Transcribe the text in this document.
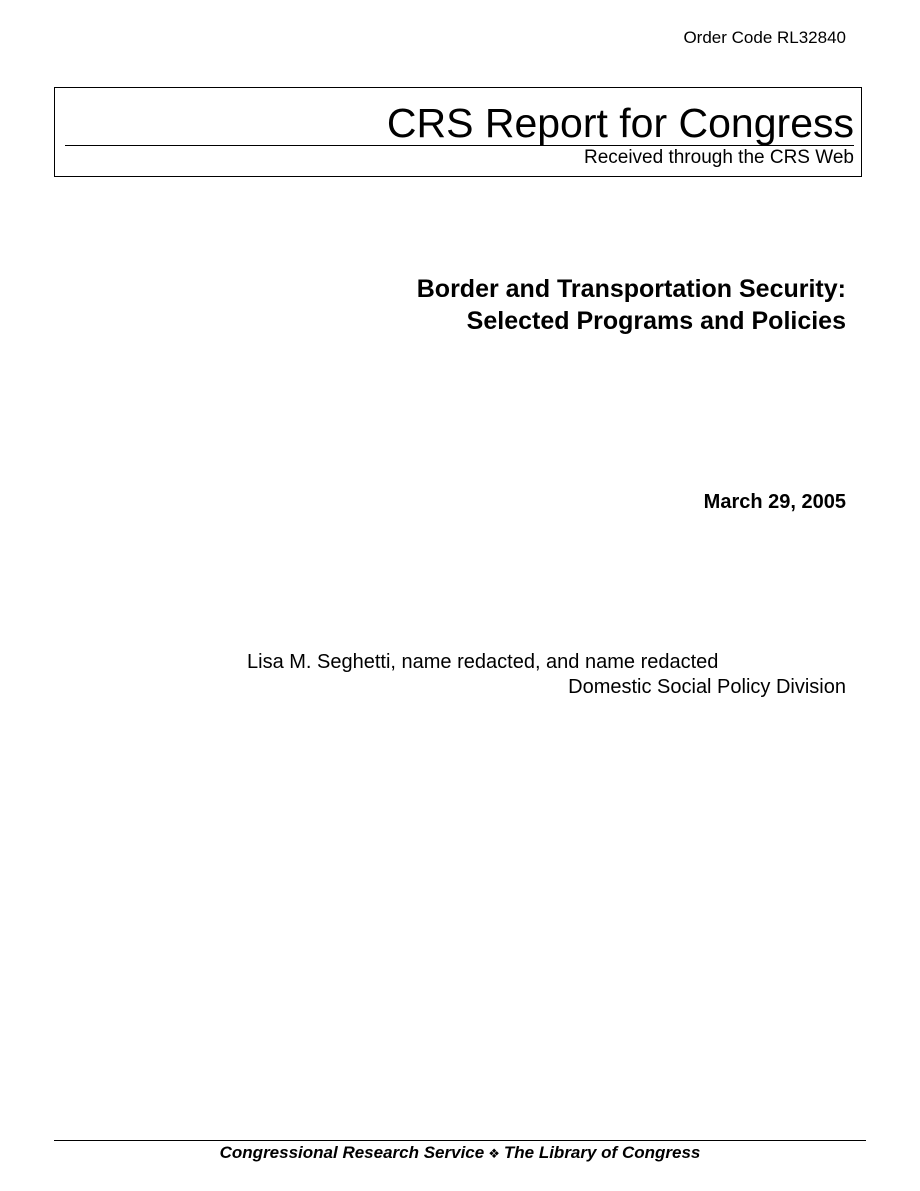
Order Code RL32840
CRS Report for Congress
Received through the CRS Web
Border and Transportation Security:
Selected Programs and Policies
March 29, 2005
Lisa M. Seghetti, name redacted, and name redacted
Domestic Social Policy Division
Congressional Research Service ❖ The Library of Congress
